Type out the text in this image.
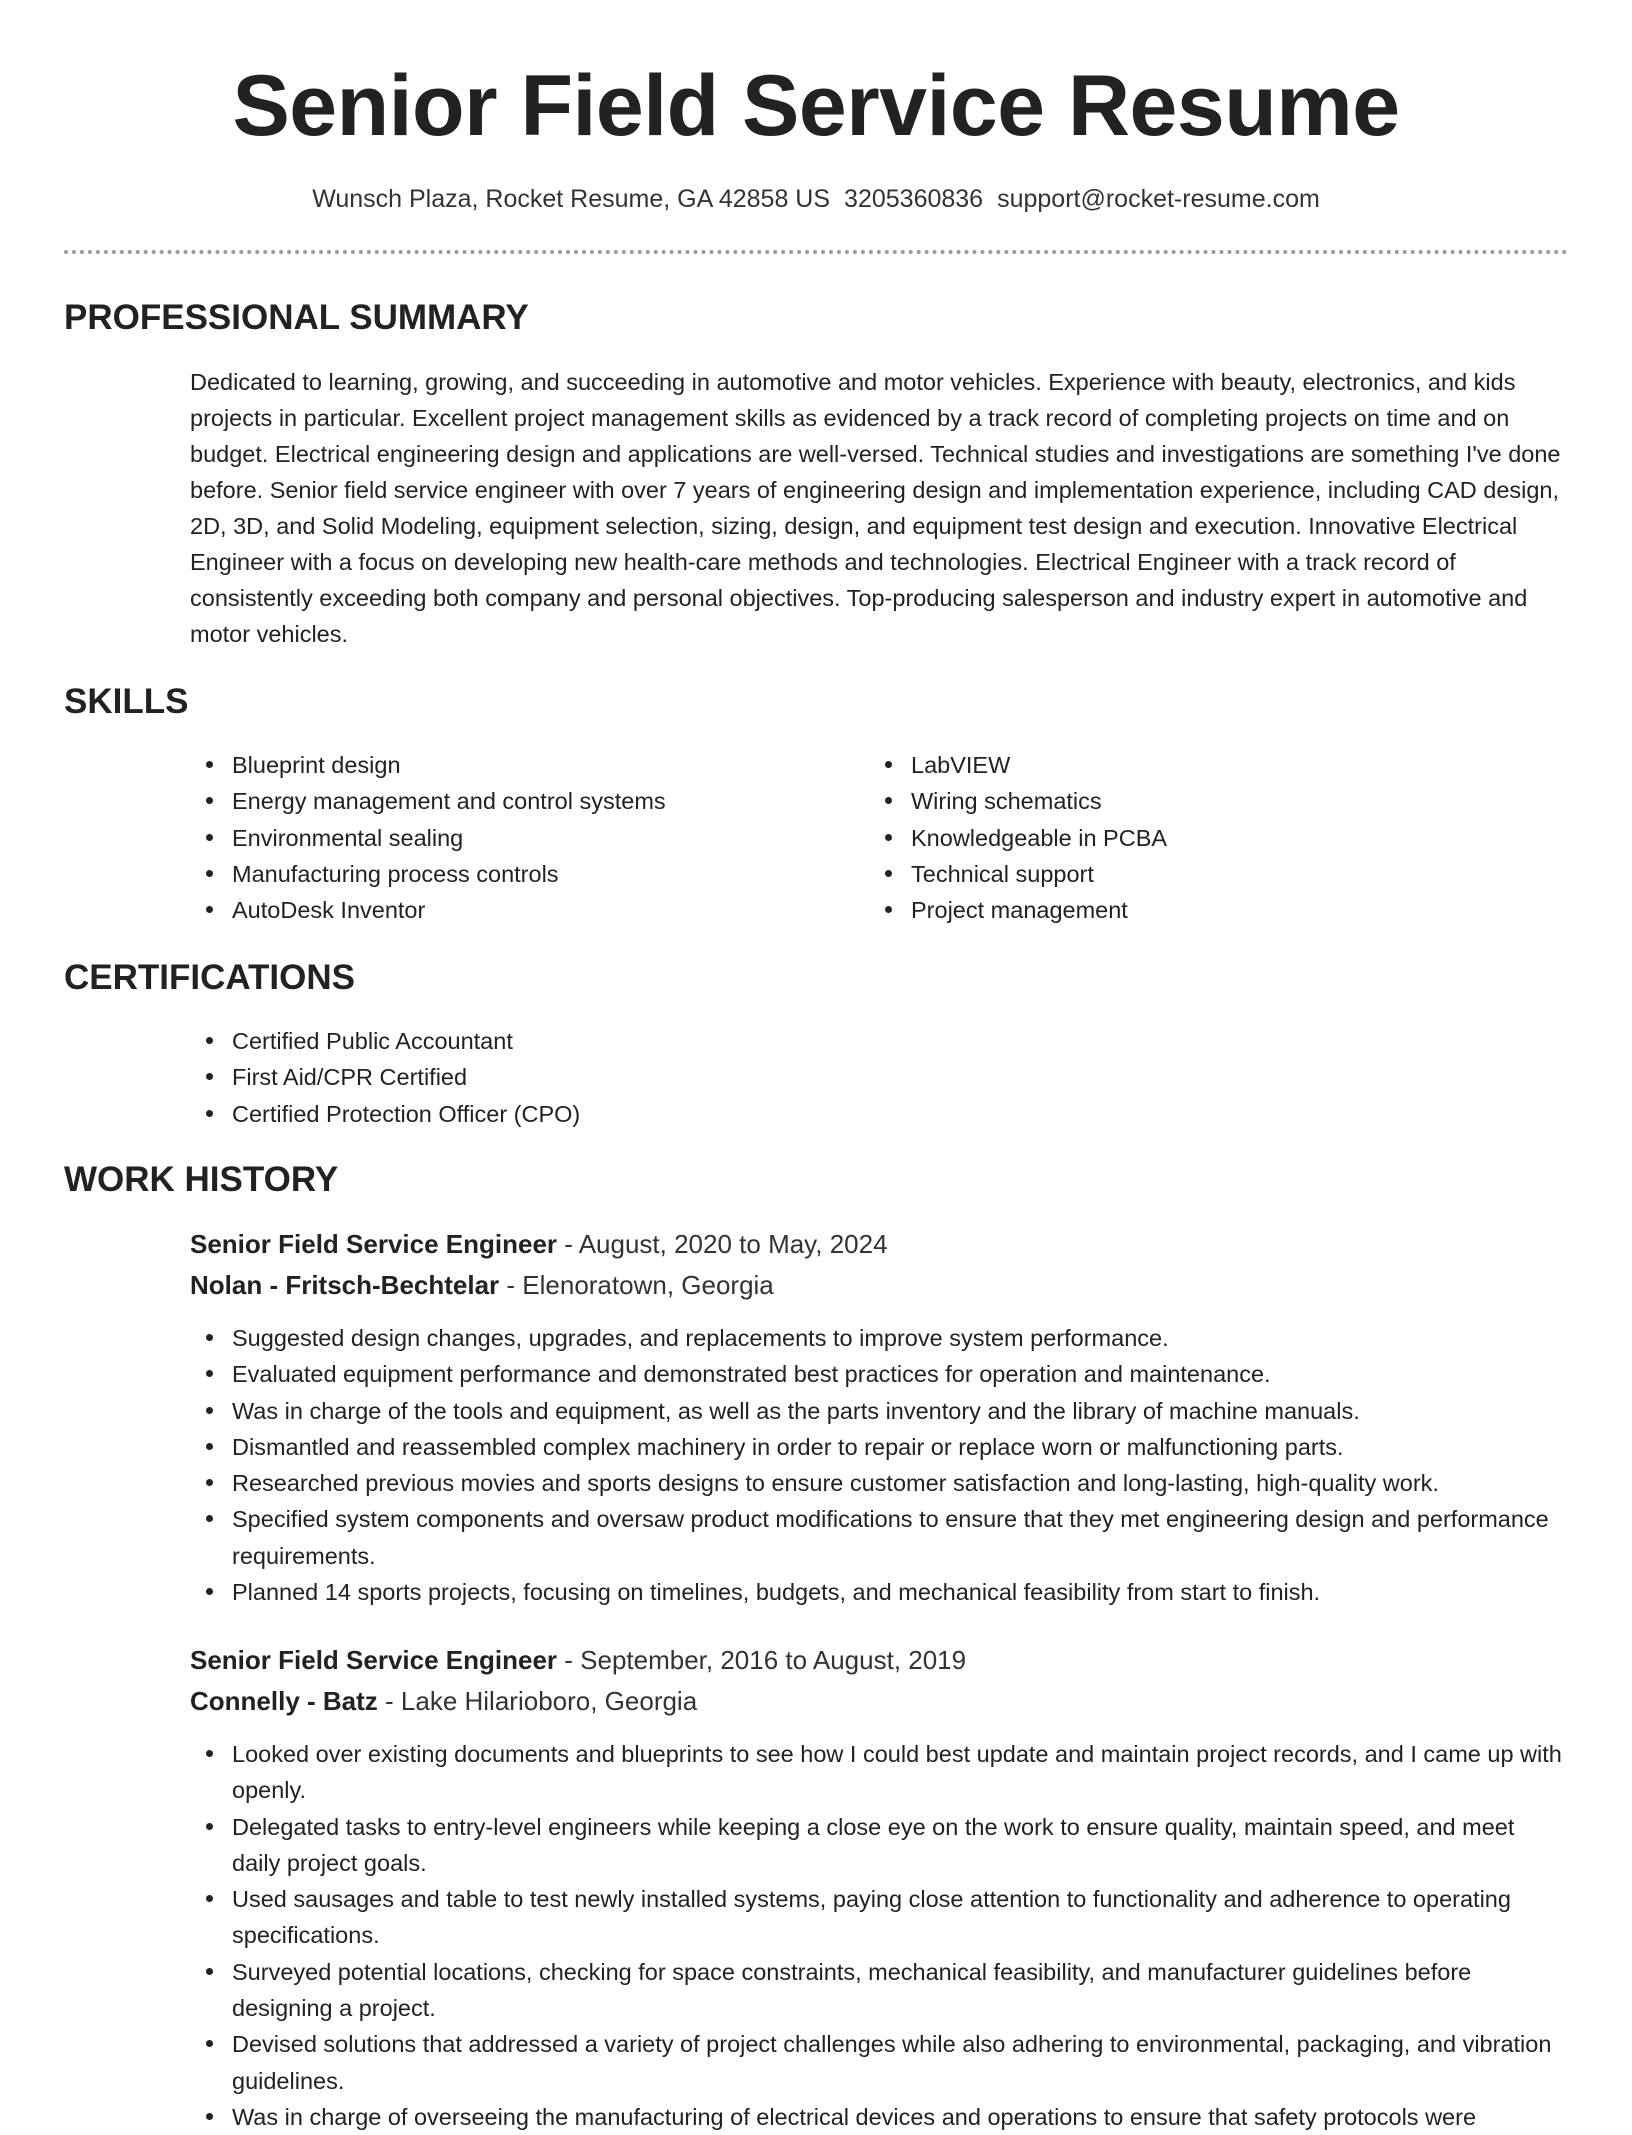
Senior Field Service Resume
Wunsch Plaza, Rocket Resume, GA 42858 US 3205360836 support@rocket-resume.com
PROFESSIONAL SUMMARY

Dedicated to learning, growing, and succeeding in automotive and motor vehicles. Experience with beauty, electronics, and kids projects in particular. Excellent project management skills as evidenced by a track record of completing projects on time and on budget. Electrical engineering design and applications are well-versed. Technical studies and investigations are something I've done before. Senior field service engineer with over 7 years of engineering design and implementation experience, including CAD design, 2D, 3D, and Solid Modeling, equipment selection, sizing, design, and equipment test design and execution. Innovative Electrical Engineer with a focus on developing new health-care methods and technologies. Electrical Engineer with a track record of consistently exceeding both company and personal objectives. Top-producing salesperson and industry expert in automotive and motor vehicles.

SKILLS
Blueprint design
Energy management and control systems
Environmental sealing
Manufacturing process controls
AutoDesk Inventor
LabVIEW
Wiring schematics
Knowledgeable in PCBA
Technical support
Project management
CERTIFICATIONS
Certified Public Accountant
First Aid/CPR Certified
Certified Protection Officer (CPO)
WORK HISTORY
Senior Field Service Engineer - August, 2020 to May, 2024
Nolan - Fritsch-Bechtelar - Elenoratown, Georgia
Suggested design changes, upgrades, and replacements to improve system performance.
Evaluated equipment performance and demonstrated best practices for operation and maintenance.
Was in charge of the tools and equipment, as well as the parts inventory and the library of machine manuals.
Dismantled and reassembled complex machinery in order to repair or replace worn or malfunctioning parts.
Researched previous movies and sports designs to ensure customer satisfaction and long-lasting, high-quality work.
Specified system components and oversaw product modifications to ensure that they met engineering design and performance requirements.
Planned 14 sports projects, focusing on timelines, budgets, and mechanical feasibility from start to finish.
Senior Field Service Engineer - September, 2016 to August, 2019
Connelly - Batz - Lake Hilarioboro, Georgia
Looked over existing documents and blueprints to see how I could best update and maintain project records, and I came up with openly.
Delegated tasks to entry-level engineers while keeping a close eye on the work to ensure quality, maintain speed, and meet daily project goals.
Used sausages and table to test newly installed systems, paying close attention to functionality and adherence to operating specifications.
Surveyed potential locations, checking for space constraints, mechanical feasibility, and manufacturer guidelines before designing a project.
Devised solutions that addressed a variety of project challenges while also adhering to environmental, packaging, and vibration guidelines.
Was in charge of overseeing the manufacturing of electrical devices and operations to ensure that safety protocols were
